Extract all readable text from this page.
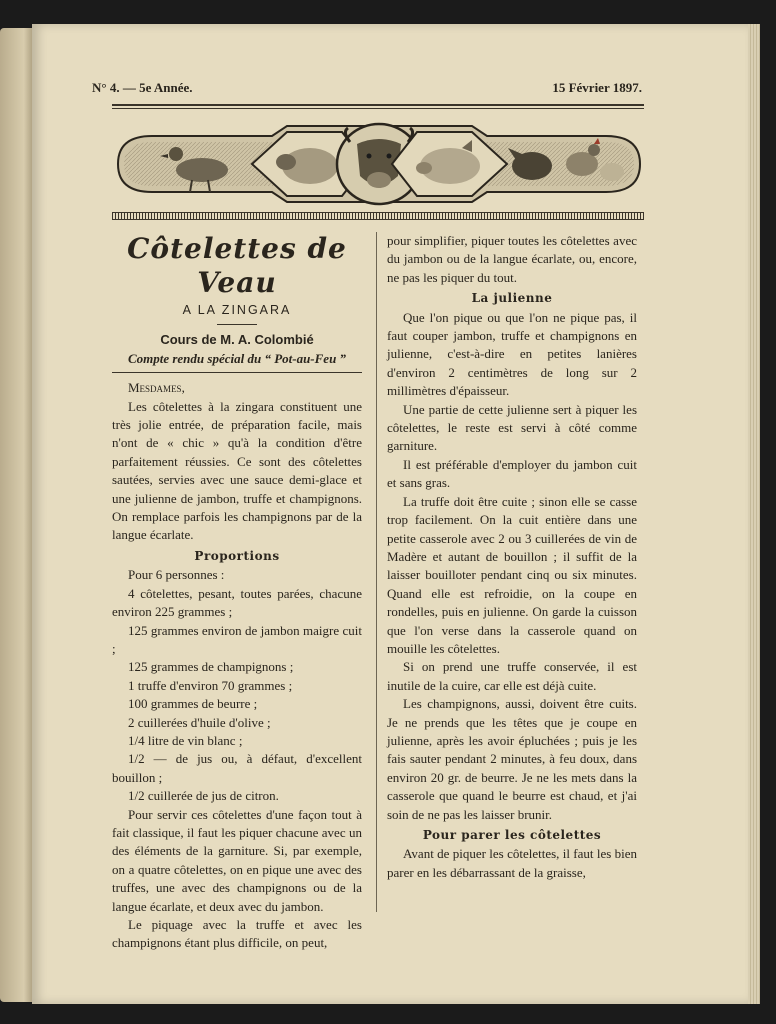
N° 4. — 5e Année.	15 Février 1897.
Côtelettes de Veau
A LA ZINGARA
Cours de M. A. Colombié
Compte rendu spécial du “ Pot-au-Feu ”

Mesdames,

Les côtelettes à la zingara constituent une très jolie entrée, de préparation facile, mais n'ont de « chic » qu'à la condition d'être parfaitement réussies. Ce sont des côtelettes sautées, servies avec une sauce demi-glace et une julienne de jambon, truffe et champignons. On remplace parfois les champignons par de la langue écarlate.

Proportions

Pour 6 personnes :

4 côtelettes, pesant, toutes parées, chacune environ 225 grammes ;

125 grammes environ de jambon maigre cuit ;

125 grammes de champignons ;

1 truffe d'environ 70 grammes ;

100 grammes de beurre ;

2 cuillerées d'huile d'olive ;

1/4 litre de vin blanc ;

1/2 — de jus ou, à défaut, d'excellent bouillon ;

1/2 cuillerée de jus de citron.

Pour servir ces côtelettes d'une façon tout à fait classique, il faut les piquer chacune avec un des éléments de la garniture. Si, par exemple, on a quatre côtelettes, on en pique une avec des truffes, une avec des champignons ou de la langue écarlate, et deux avec du jambon.

Le piquage avec la truffe et avec les champignons étant plus difficile, on peut,

pour simplifier, piquer toutes les côtelettes avec du jambon ou de la langue écarlate, ou, encore, ne pas les piquer du tout.

La julienne

Que l'on pique ou que l'on ne pique pas, il faut couper jambon, truffe et champignons en julienne, c'est-à-dire en petites lanières d'environ 2 centimètres de long sur 2 millimètres d'épaisseur.

Une partie de cette julienne sert à piquer les côtelettes, le reste est servi à côté comme garniture.

Il est préférable d'employer du jambon cuit et sans gras.

La truffe doit être cuite ; sinon elle se casse trop facilement. On la cuit entière dans une petite casserole avec 2 ou 3 cuillerées de vin de Madère et autant de bouillon ; il suffit de la laisser bouilloter pendant cinq ou six minutes. Quand elle est refroidie, on la coupe en rondelles, puis en julienne. On garde la cuisson que l'on verse dans la casserole quand on mouille les côtelettes.

Si on prend une truffe conservée, il est inutile de la cuire, car elle est déjà cuite.

Les champignons, aussi, doivent être cuits. Je ne prends que les têtes que je coupe en julienne, après les avoir épluchées ; puis je les fais sauter pendant 2 minutes, à feu doux, dans environ 20 gr. de beurre. Je ne les mets dans la casserole que quand le beurre est chaud, et j'ai soin de ne pas les laisser brunir.

Pour parer les côtelettes

Avant de piquer les côtelettes, il faut les bien parer en les débarrassant de la graisse,
